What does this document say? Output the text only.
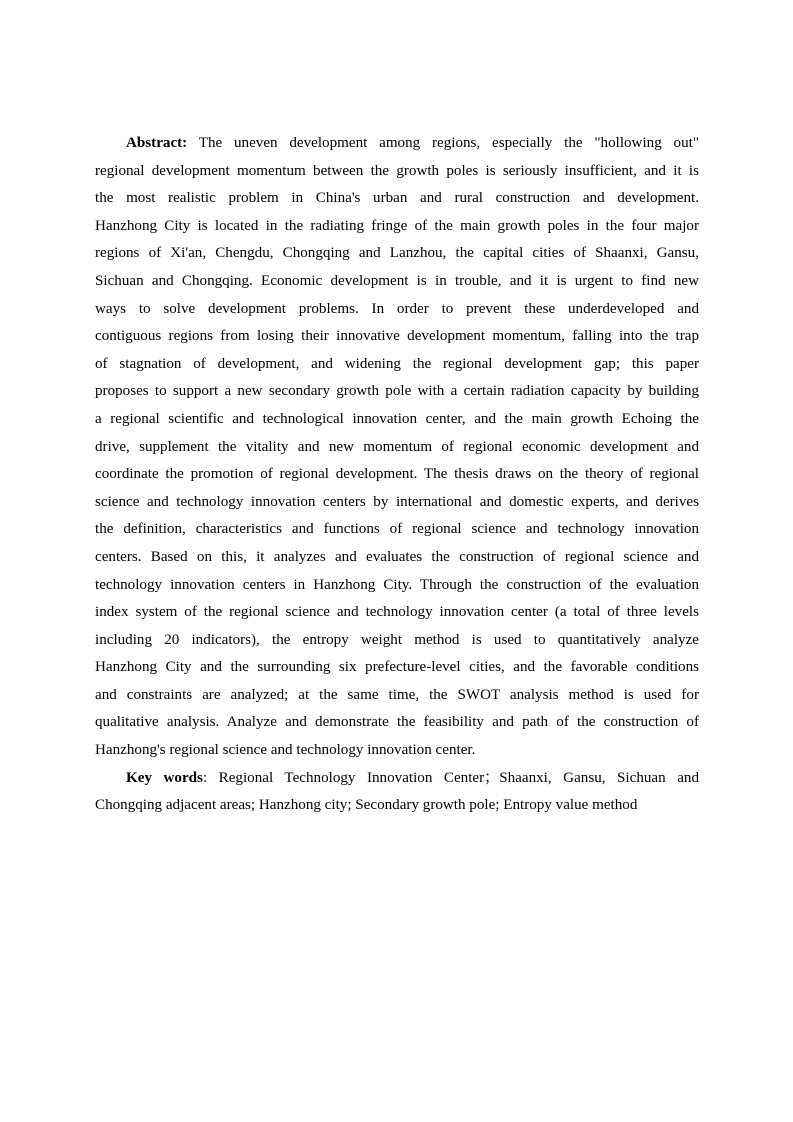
Abstract: The uneven development among regions, especially the "hollowing out"
regional development momentum between the growth poles is seriously insufficient, and it is
the most realistic problem in China's urban and rural construction and development.
Hanzhong City is located in the radiating fringe of the main growth poles in the four major
regions of Xi'an, Chengdu, Chongqing and Lanzhou, the capital cities of Shaanxi, Gansu,
Sichuan and Chongqing. Economic development is in trouble, and it is urgent to find new
ways to solve development problems. In order to prevent these underdeveloped and
contiguous regions from losing their innovative development momentum, falling into the trap
of stagnation of development, and widening the regional development gap; this paper
proposes to support a new secondary growth pole with a certain radiation capacity by building
a regional scientific and technological innovation center, and the main growth Echoing the
drive, supplement the vitality and new momentum of regional economic development and
coordinate the promotion of regional development. The thesis draws on the theory of regional
science and technology innovation centers by international and domestic experts, and derives
the definition, characteristics and functions of regional science and technology innovation
centers. Based on this, it analyzes and evaluates the construction of regional science and
technology innovation centers in Hanzhong City. Through the construction of the evaluation
index system of the regional science and technology innovation center (a total of three levels
including 20 indicators), the entropy weight method is used to quantitatively analyze
Hanzhong City and the surrounding six prefecture-level cities, and the favorable conditions
and constraints are analyzed; at the same time, the SWOT analysis method is used for
qualitative analysis. Analyze and demonstrate the feasibility and path of the construction of
Hanzhong's regional science and technology innovation center.
Key words: Regional Technology Innovation Center；Shaanxi, Gansu, Sichuan and
Chongqing adjacent areas; Hanzhong city; Secondary growth pole; Entropy value method
